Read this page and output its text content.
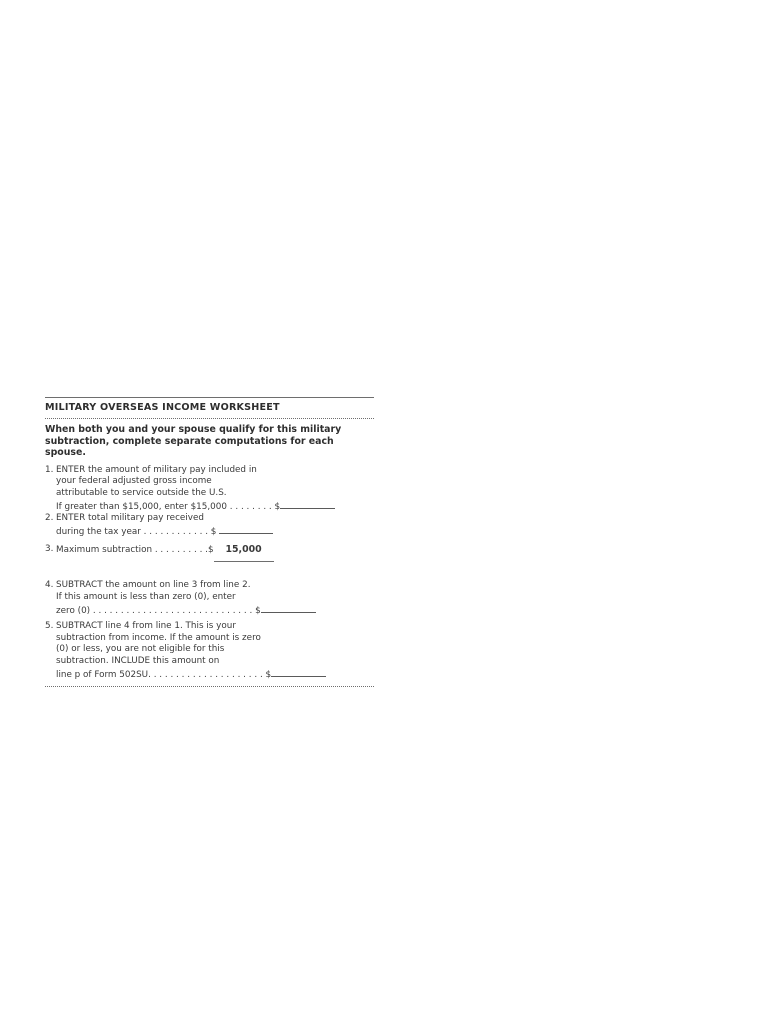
MILITARY OVERSEAS INCOME WORKSHEET
When both you and your spouse qualify for this military
subtraction, complete separate computations for each
spouse.
1. ENTER the amount of military pay included in
your federal adjusted gross income
attributable to service outside the U.S.
If greater than $15,000, enter $15,000 . . . . . . . . $
2. ENTER total military pay received
during the tax year . . . . . . . . . . . . $
3. Maximum subtraction . . . . . . . . . .$ 15,000
4. SUBTRACT the amount on line 3 from line 2.
If this amount is less than zero (0), enter
zero (0) . . . . . . . . . . . . . . . . . . . . . . . . . . . . . $
5. SUBTRACT line 4 from line 1. This is your
subtraction from income. If the amount is zero
(0) or less, you are not eligible for this
subtraction. INCLUDE this amount on
line p of Form 502SU. . . . . . . . . . . . . . . . . . . . . $
